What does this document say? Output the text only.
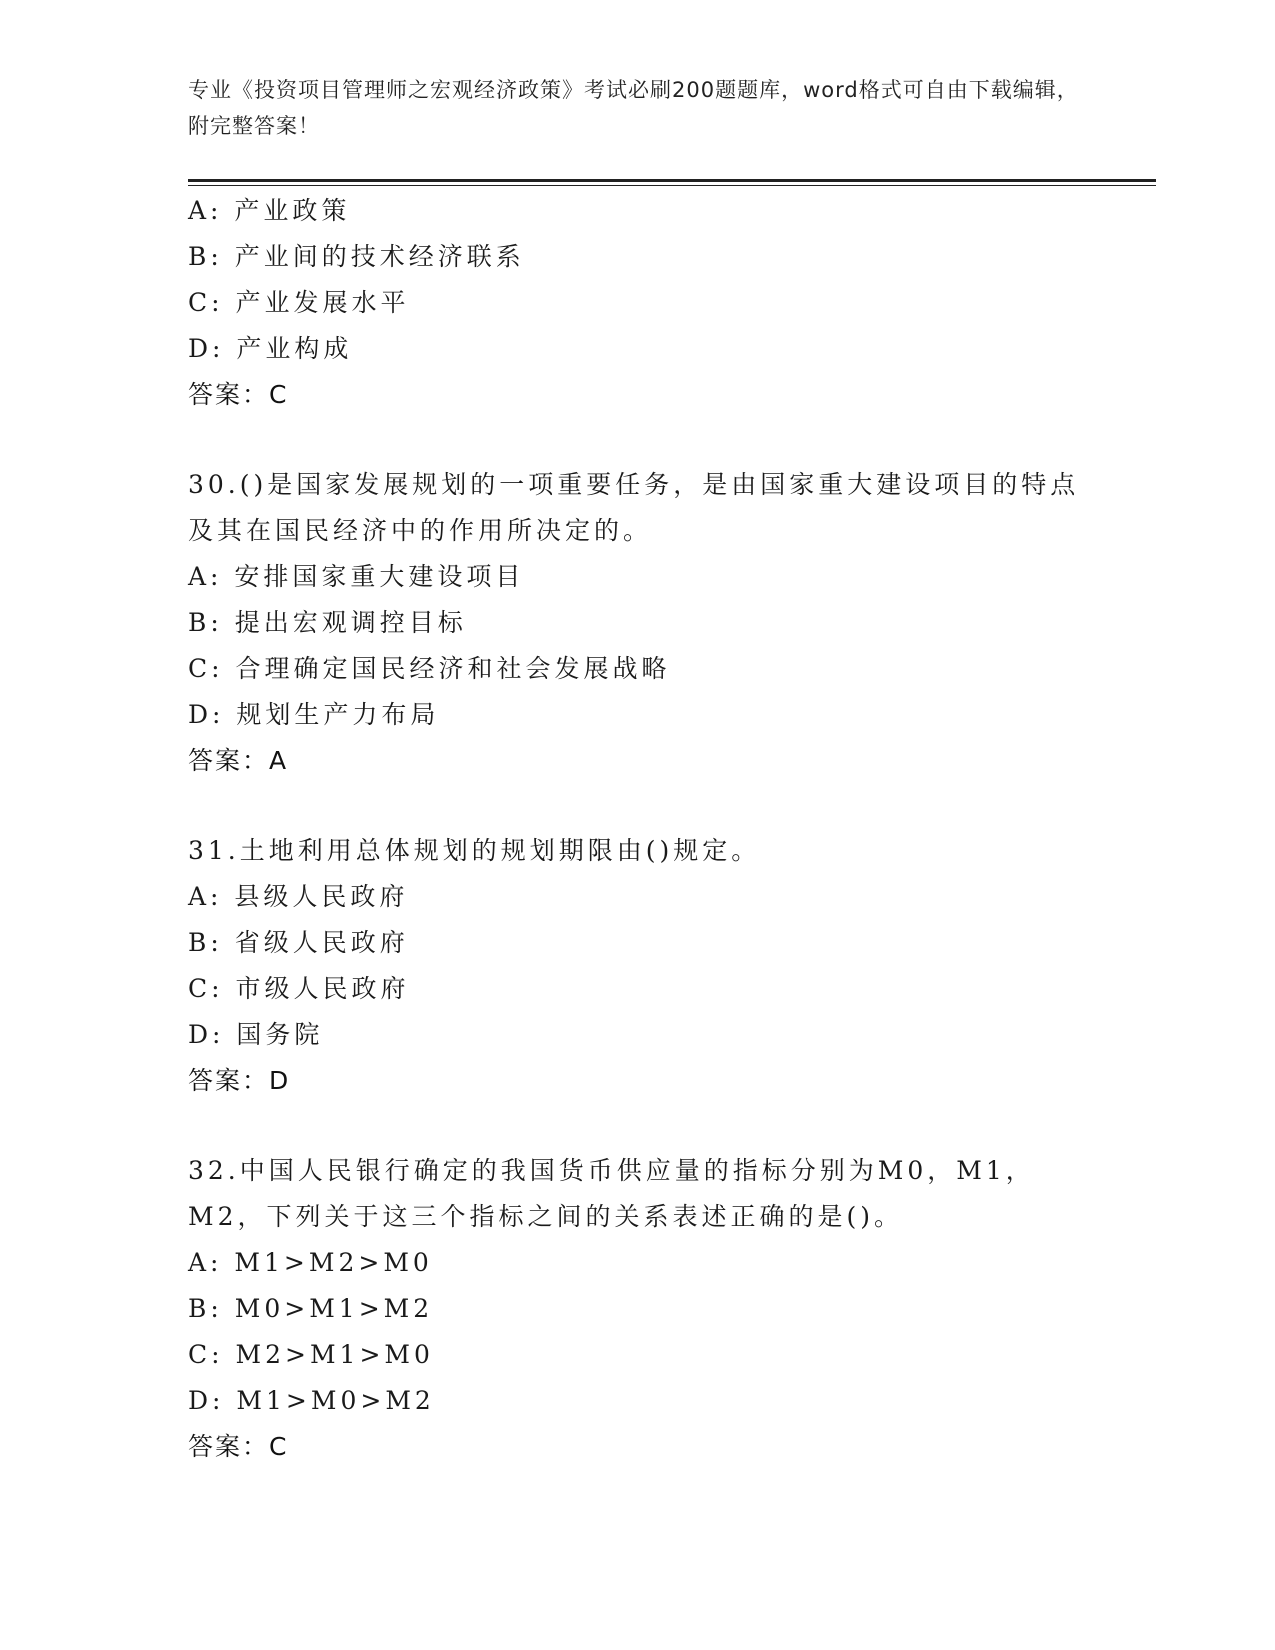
专业《投资项目管理师之宏观经济政策》考试必刷200题题库，word格式可自由下载编辑，附完整答案！
A: 产业政策
B: 产业间的技术经济联系
C: 产业发展水平
D: 产业构成
答案：C
30.()是国家发展规划的一项重要任务，是由国家重大建设项目的特点及其在国民经济中的作用所决定的。
A: 安排国家重大建设项目
B: 提出宏观调控目标
C: 合理确定国民经济和社会发展战略
D: 规划生产力布局
答案：A
31.土地利用总体规划的规划期限由()规定。
A: 县级人民政府
B: 省级人民政府
C: 市级人民政府
D: 国务院
答案：D
32.中国人民银行确定的我国货币供应量的指标分别为M0，M1，M2，下列关于这三个指标之间的关系表述正确的是()。
A: M1>M2>M0
B: M0>M1>M2
C: M2>M1>M0
D: M1>M0>M2
答案：C
